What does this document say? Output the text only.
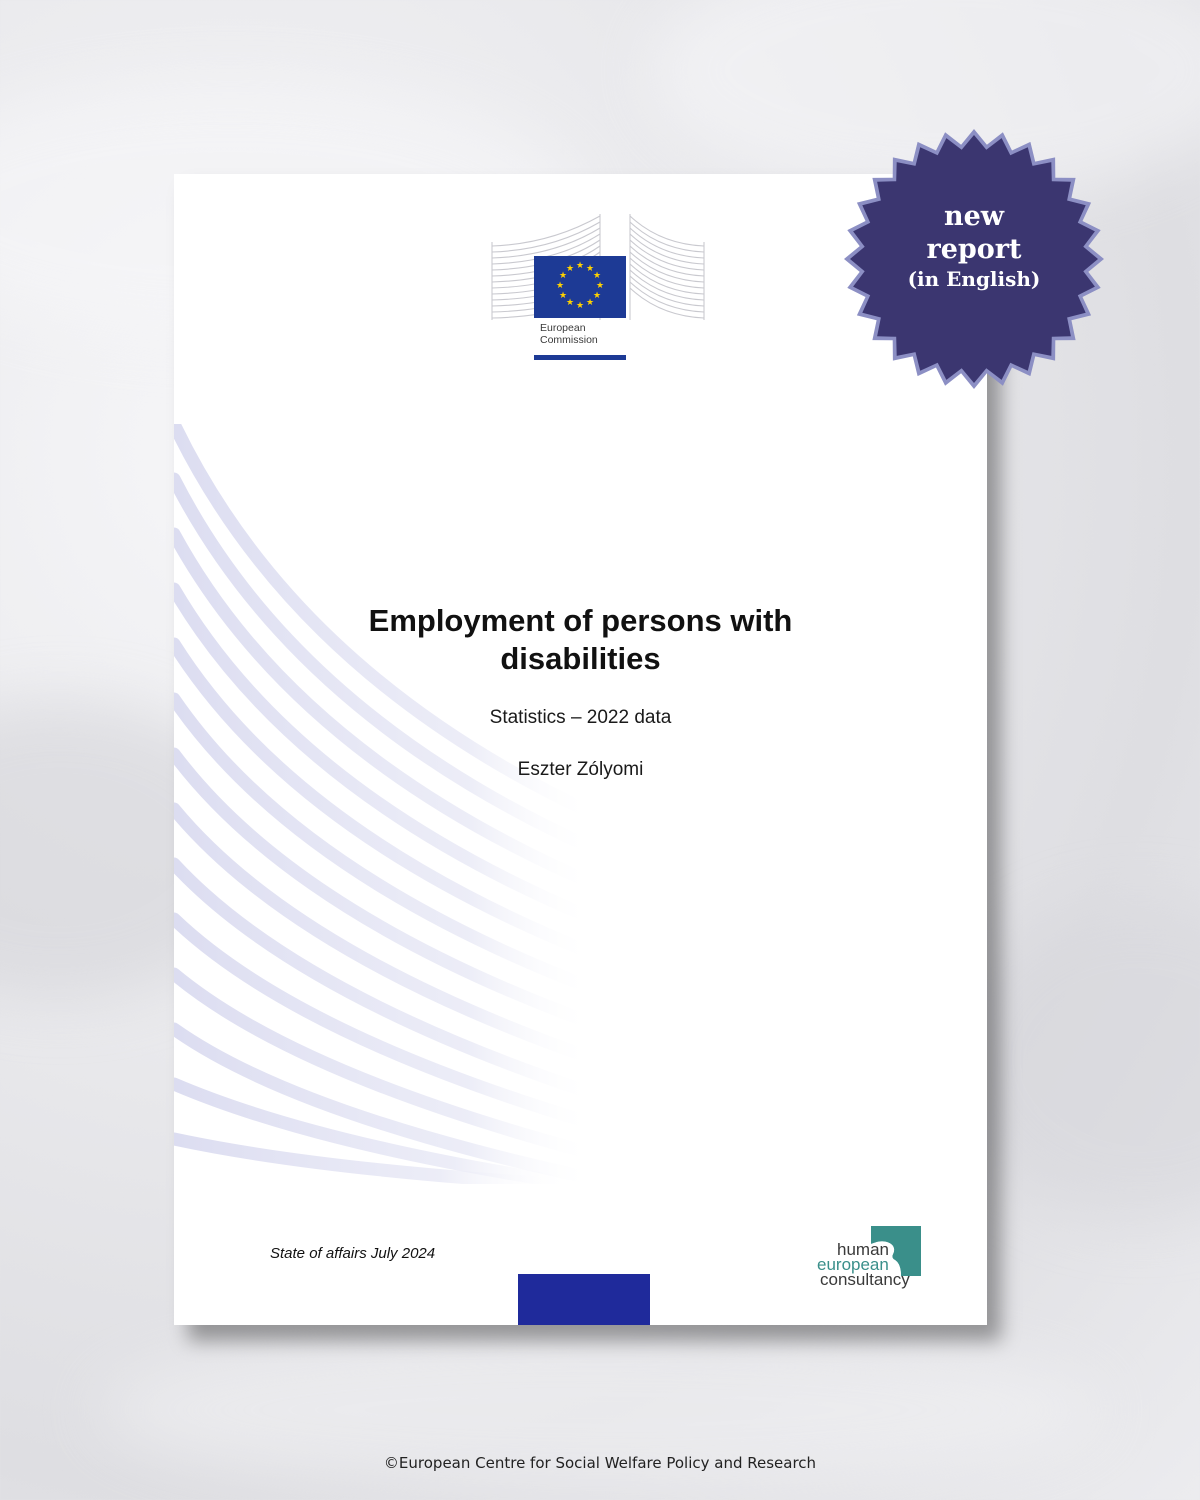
★ ★
★
★
★
★
★
★
★
★
★
★
European
Commission
Employment of persons with
disabilities
Statistics – 2022 data
Eszter Zólyomi
State of affairs July 2024	human
european
consultancy
new
report
(in English)
©European Centre for Social Welfare Policy and Research
